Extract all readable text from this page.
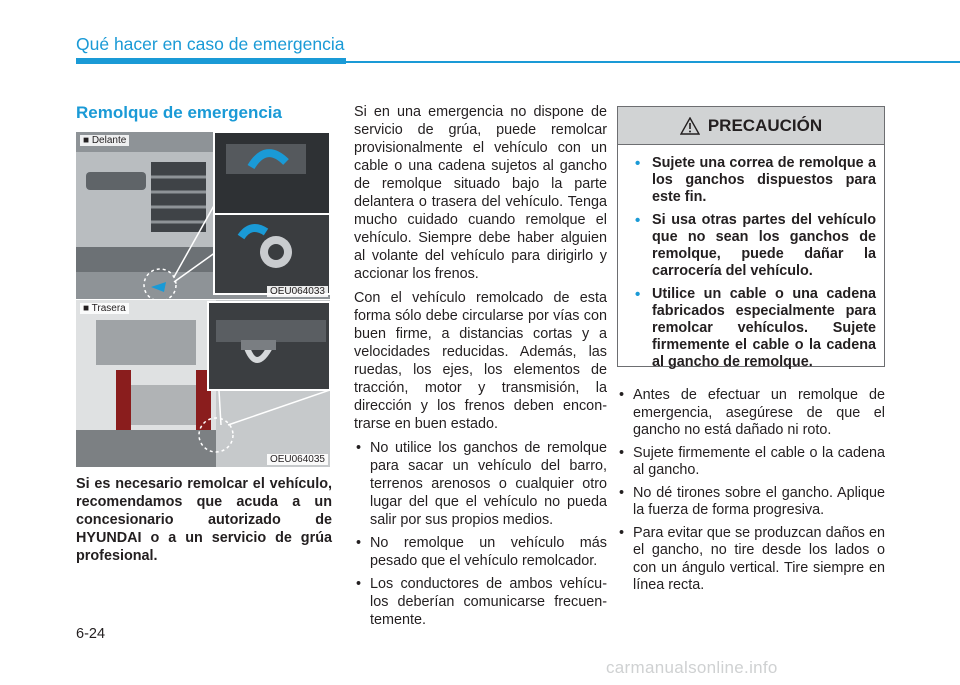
Qué hacer en caso de emergencia
Remolque de emergencia
■ Delante
OEU064033
■ Trasera
OEU064035

Si es necesario remolcar el vehículo, recomendamos que acuda a un concesionario autorizado de HYUNDAI o a un servicio de grúa profesional.

Si en una emergencia no dispone de servicio de grúa, puede remolcar provisionalmente el vehículo con un cable o una cadena sujetos al gancho de remolque situado bajo la parte delantera o trasera del vehículo. Tenga mucho cuidado cuando remolque el vehículo. Siempre debe haber alguien al volante del vehículo para dirigirlo y accionar los frenos.

Con el vehículo remolcado de esta forma sólo debe circularse por vías con buen firme, a distancias cortas y a velocidades reducidas. Además, las ruedas, los ejes, los elementos de tracción, motor y transmisión, la dirección y los frenos deben encontrarse en buen estado.

• No utilice los ganchos de remolque para sacar un vehículo del barro, terrenos arenosos o cualquier otro lugar del que el vehículo no pueda salir por sus propios medios.
• No remolque un vehículo más pesado que el vehículo remolcador.
• Los conductores de ambos vehículos deberían comunicarse frecuentemente.
PRECAUCIÓN
• Sujete una correa de remolque a los ganchos dispuestos para este fin.
• Si usa otras partes del vehículo que no sean los ganchos de remolque, puede dañar la carrocería del vehículo.
• Utilice un cable o una cadena fabricados especialmente para remolcar vehículos. Sujete firmemente el cable o la cadena al gancho de remolque.
• Antes de efectuar un remolque de emergencia, asegúrese de que el gancho no está dañado ni roto.
• Sujete firmemente el cable o la cadena al gancho.
• No dé tirones sobre el gancho. Aplique la fuerza de forma progresiva.
• Para evitar que se produzcan daños en el gancho, no tire desde los lados o con un ángulo vertical. Tire siempre en línea recta.
6-24
carmanualsonline.info
